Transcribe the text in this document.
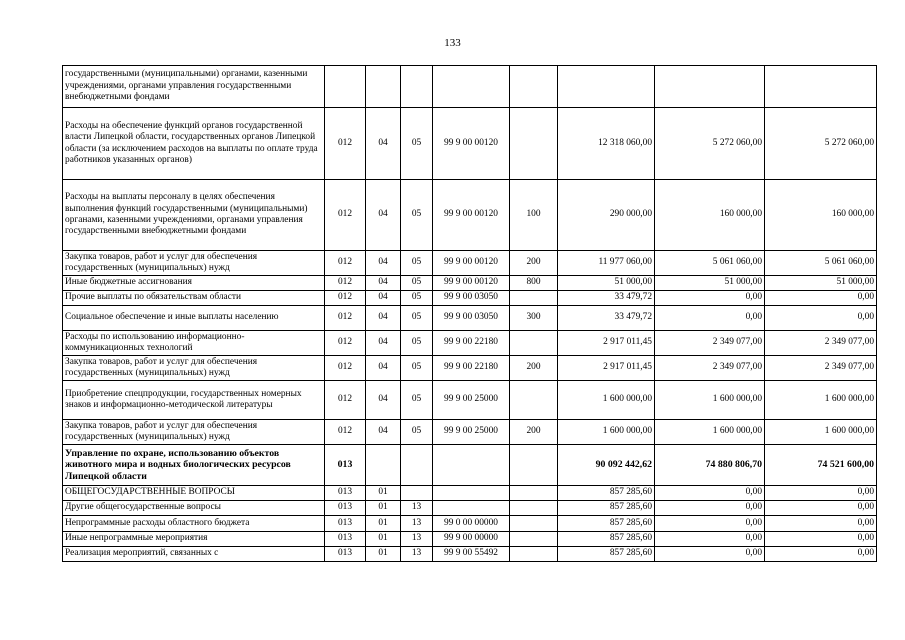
133
государственными (муниципальными) органами, казенными учреждениями, органами управления государственными внебюджетными фондами								
Расходы на обеспечение функций органов государственной власти Липецкой области, государственных органов Липецкой области (за исключением расходов на выплаты по оплате труда работников указанных органов)	012	04	05	99 9 00 00120		12 318 060,00	5 272 060,00	5 272 060,00
Расходы на выплаты персоналу в целях обеспечения выполнения функций государственными (муниципальными) органами, казенными учреждениями, органами управления государственными внебюджетными фондами	012	04	05	99 9 00 00120	100	290 000,00	160 000,00	160 000,00
Закупка товаров, работ и услуг для обеспечения государственных (муниципальных) нужд	012	04	05	99 9 00 00120	200	11 977 060,00	5 061 060,00	5 061 060,00
Иные бюджетные ассигнования	012	04	05	99 9 00 00120	800	51 000,00	51 000,00	51 000,00
Прочие выплаты по обязательствам области	012	04	05	99 9 00 03050		33 479,72	0,00	0,00
Социальное обеспечение и иные выплаты населению	012	04	05	99 9 00 03050	300	33 479,72	0,00	0,00
Расходы по использованию информационно-коммуникационных технологий	012	04	05	99 9 00 22180		2 917 011,45	2 349 077,00	2 349 077,00
Закупка товаров, работ и услуг для обеспечения государственных (муниципальных) нужд	012	04	05	99 9 00 22180	200	2 917 011,45	2 349 077,00	2 349 077,00
Приобретение спецпродукции, государственных номерных знаков и информационно-методической литературы	012	04	05	99 9 00 25000		1 600 000,00	1 600 000,00	1 600 000,00
Закупка товаров, работ и услуг для обеспечения государственных (муниципальных) нужд	012	04	05	99 9 00 25000	200	1 600 000,00	1 600 000,00	1 600 000,00
Управление по охране, использованию объектов животного мира и водных биологических ресурсов Липецкой области	013					90 092 442,62	74 880 806,70	74 521 600,00
ОБЩЕГОСУДАРСТВЕННЫЕ ВОПРОСЫ	013	01				857 285,60	0,00	0,00
Другие общегосударственные вопросы	013	01	13			857 285,60	0,00	0,00
Непрограммные расходы областного бюджета	013	01	13	99 0 00 00000		857 285,60	0,00	0,00
Иные непрограммные мероприятия	013	01	13	99 9 00 00000		857 285,60	0,00	0,00
Реализация мероприятий, связанных с	013	01	13	99 9 00 55492		857 285,60	0,00	0,00
